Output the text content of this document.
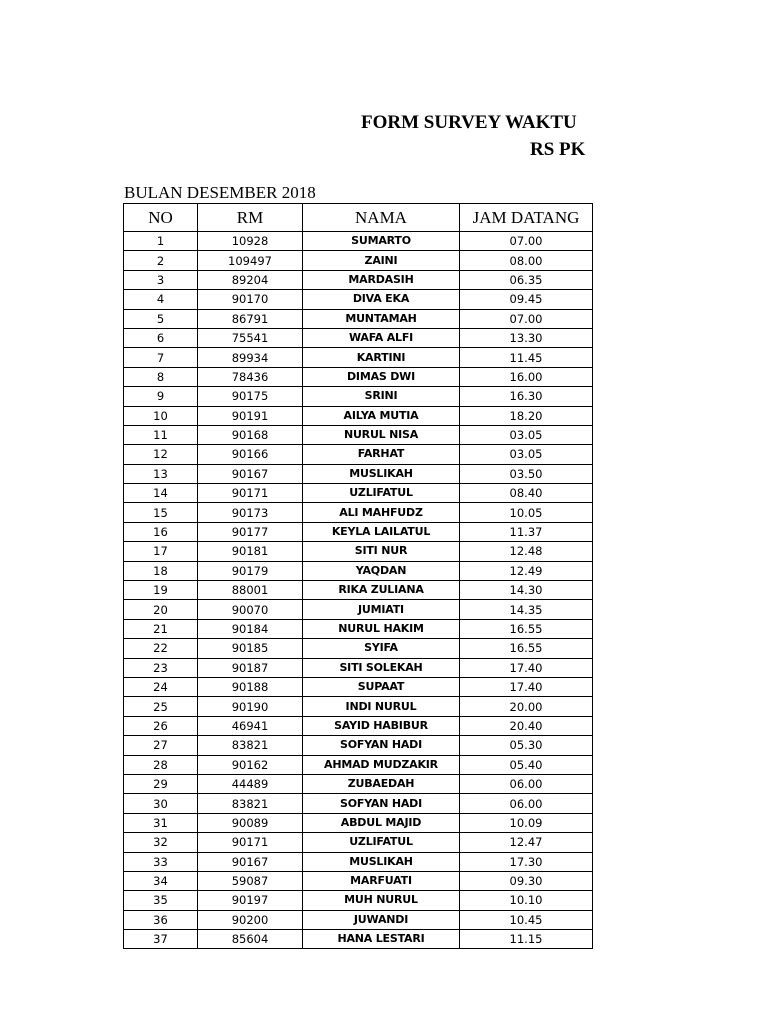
FORM SURVEY WAKTU
RS PK
BULAN DESEMBER 2018
NO	RM	NAMA	JAM DATANG
1	10928	SUMARTO	07.00
2	109497	ZAINI	08.00
3	89204	MARDASIH	06.35
4	90170	DIVA EKA	09.45
5	86791	MUNTAMAH	07.00
6	75541	WAFA ALFI	13.30
7	89934	KARTINI	11.45
8	78436	DIMAS DWI	16.00
9	90175	SRINI	16.30
10	90191	AILYA MUTIA	18.20
11	90168	NURUL NISA	03.05
12	90166	FARHAT	03.05
13	90167	MUSLIKAH	03.50
14	90171	UZLIFATUL	08.40
15	90173	ALI MAHFUDZ	10.05
16	90177	KEYLA LAILATUL	11.37
17	90181	SITI NUR	12.48
18	90179	YAQDAN	12.49
19	88001	RIKA ZULIANA	14.30
20	90070	JUMIATI	14.35
21	90184	NURUL HAKIM	16.55
22	90185	SYIFA	16.55
23	90187	SITI SOLEKAH	17.40
24	90188	SUPAAT	17.40
25	90190	INDI NURUL	20.00
26	46941	SAYID HABIBUR	20.40
27	83821	SOFYAN HADI	05.30
28	90162	AHMAD MUDZAKIR	05.40
29	44489	ZUBAEDAH	06.00
30	83821	SOFYAN HADI	06.00
31	90089	ABDUL MAJID	10.09
32	90171	UZLIFATUL	12.47
33	90167	MUSLIKAH	17.30
34	59087	MARFUATI	09.30
35	90197	MUH NURUL	10.10
36	90200	JUWANDI	10.45
37	85604	HANA LESTARI	11.15
